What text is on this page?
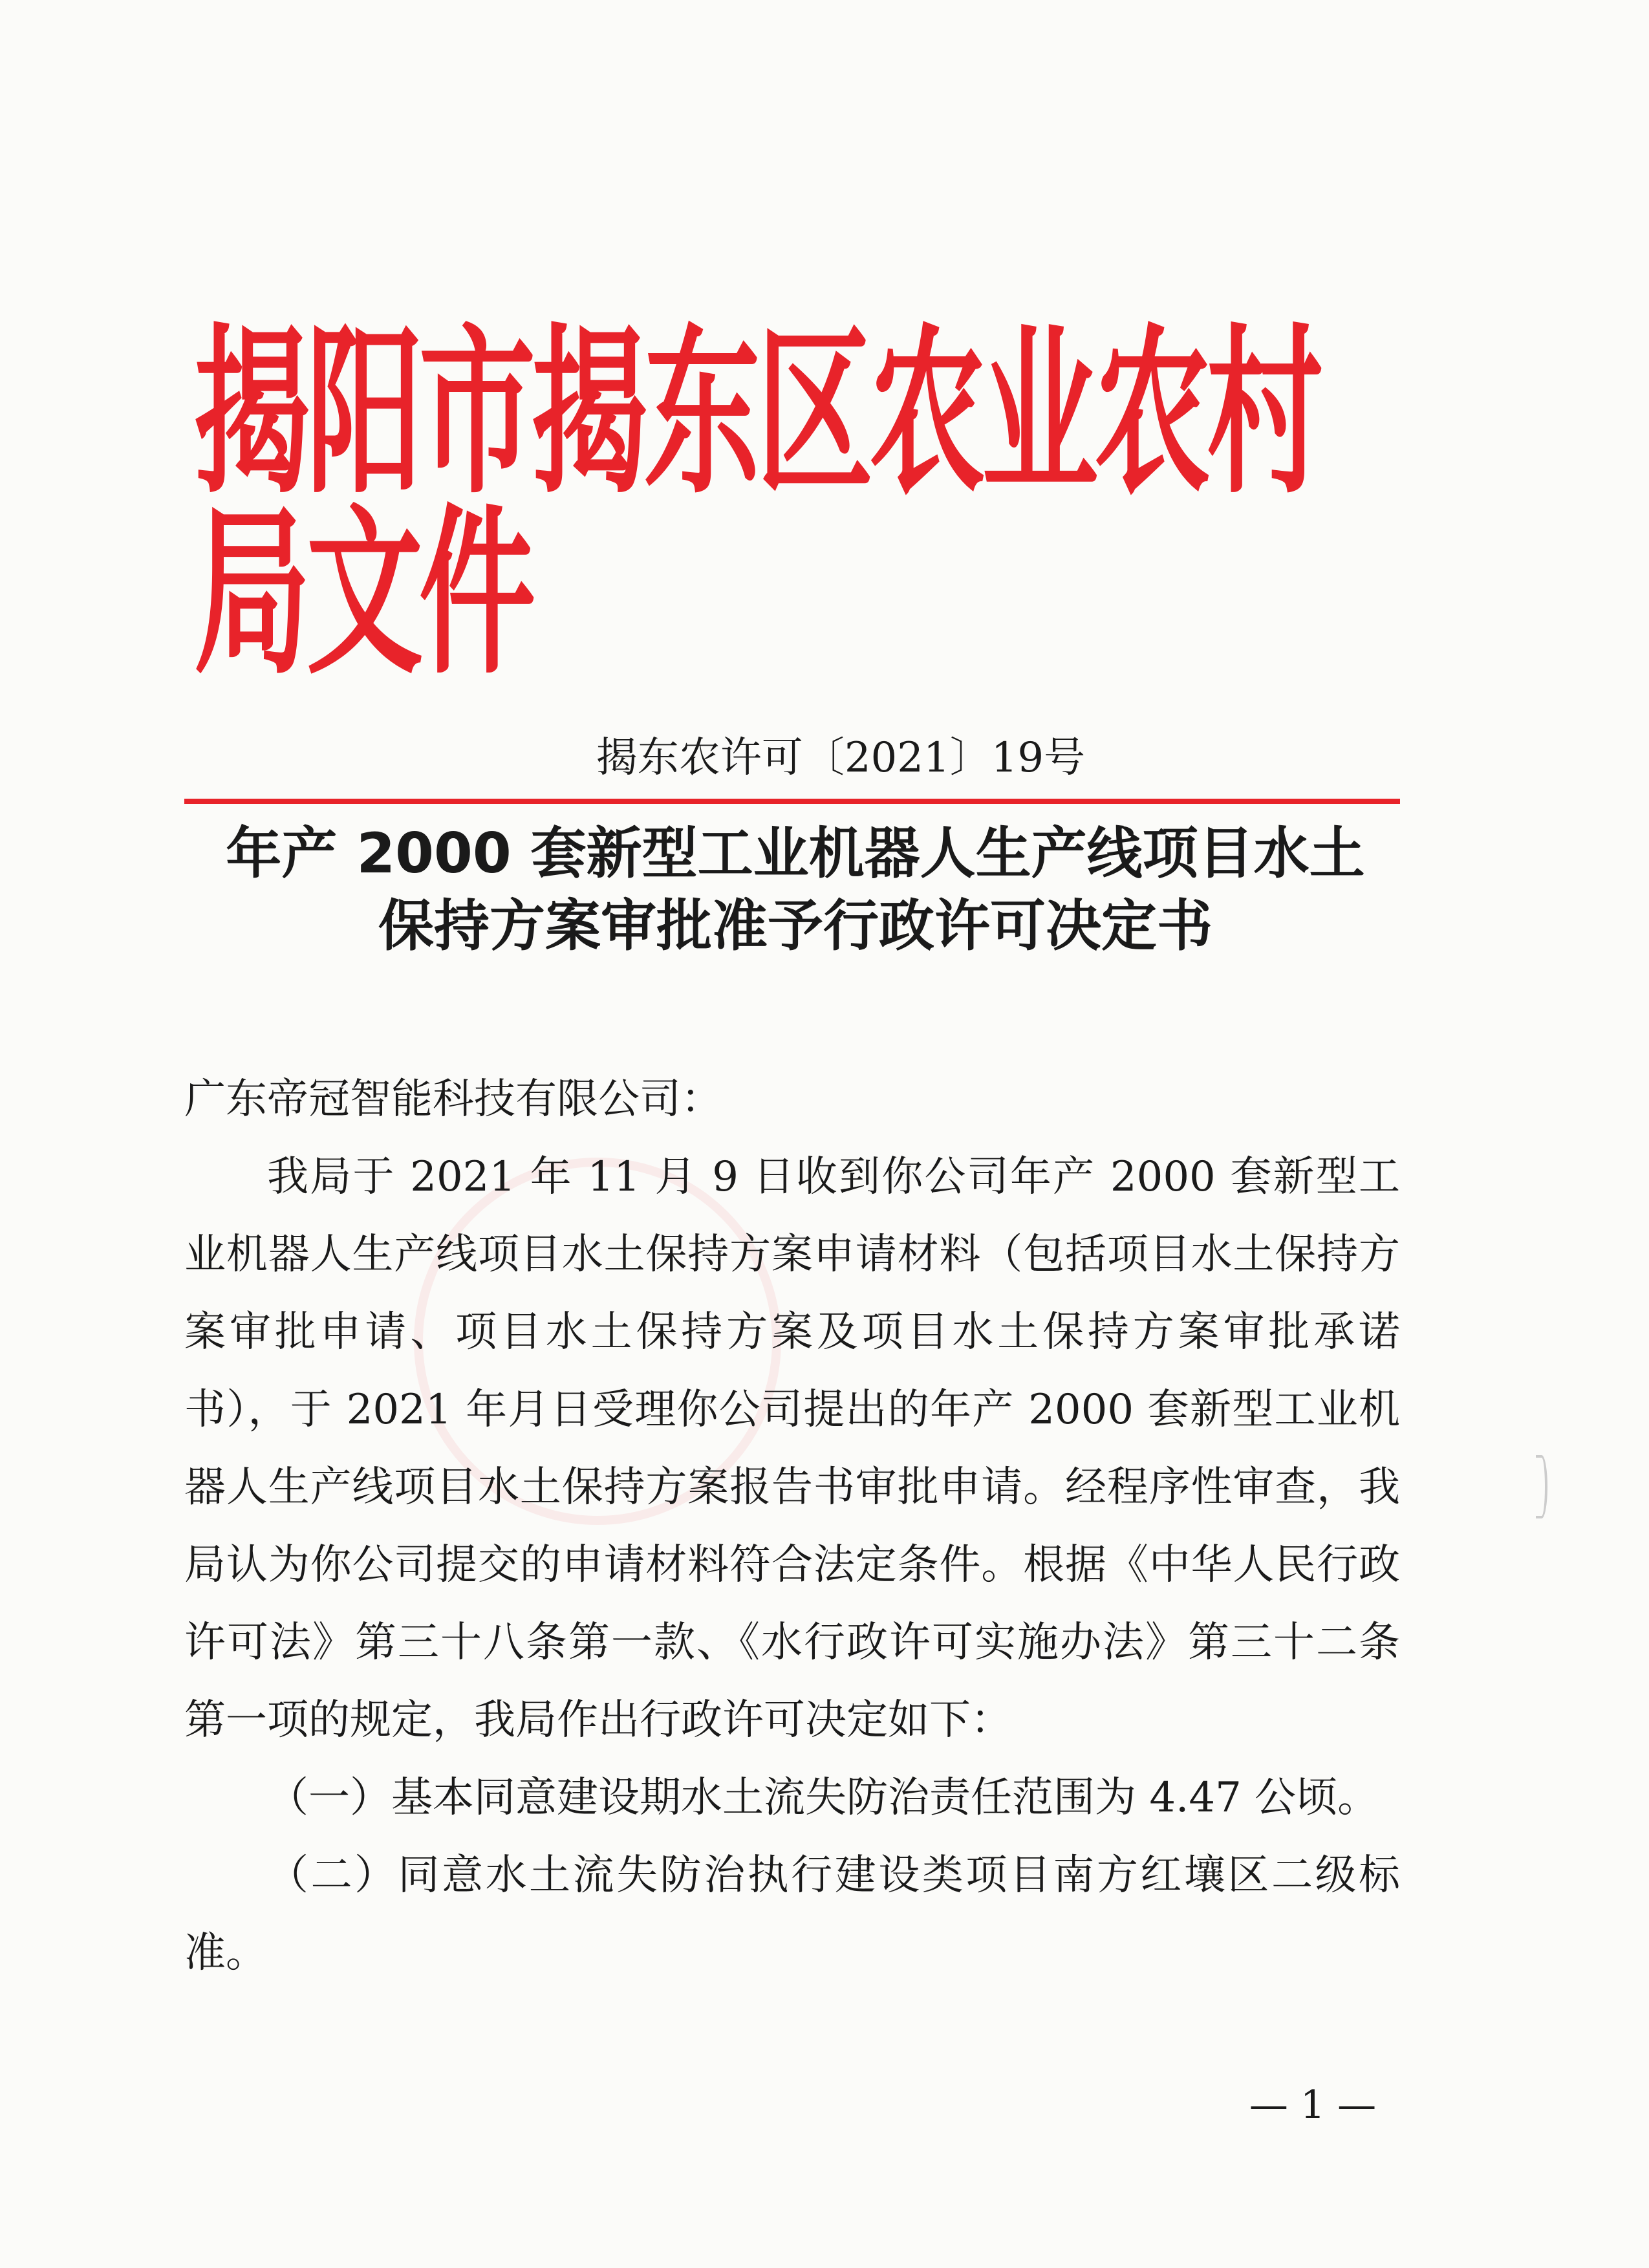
揭阳市揭东区农业农村局文件
揭东农许可〔2021〕19号
年产 2000 套新型工业机器人生产线项目水土
保持方案审批准予行政许可决定书
广东帝冠智能科技有限公司：
我局于 2021 年 11 月 9 日收到你公司年产 2000 套新型工业机器人生产线项目水土保持方案申请材料（包括项目水土保持方案审批申请、项目水土保持方案及项目水土保持方案审批承诺书），于 2021 年月日受理你公司提出的年产 2000 套新型工业机器人生产线项目水土保持方案报告书审批申请。经程序性审查，我局认为你公司提交的申请材料符合法定条件。根据《中华人民行政许可法》第三十八条第一款、《水行政许可实施办法》第三十二条第一项的规定，我局作出行政许可决定如下：
（一）基本同意建设期水土流失防治责任范围为 4.47 公顷。
（二）同意水土流失防治执行建设类项目南方红壤区二级标准。
— 1 —
